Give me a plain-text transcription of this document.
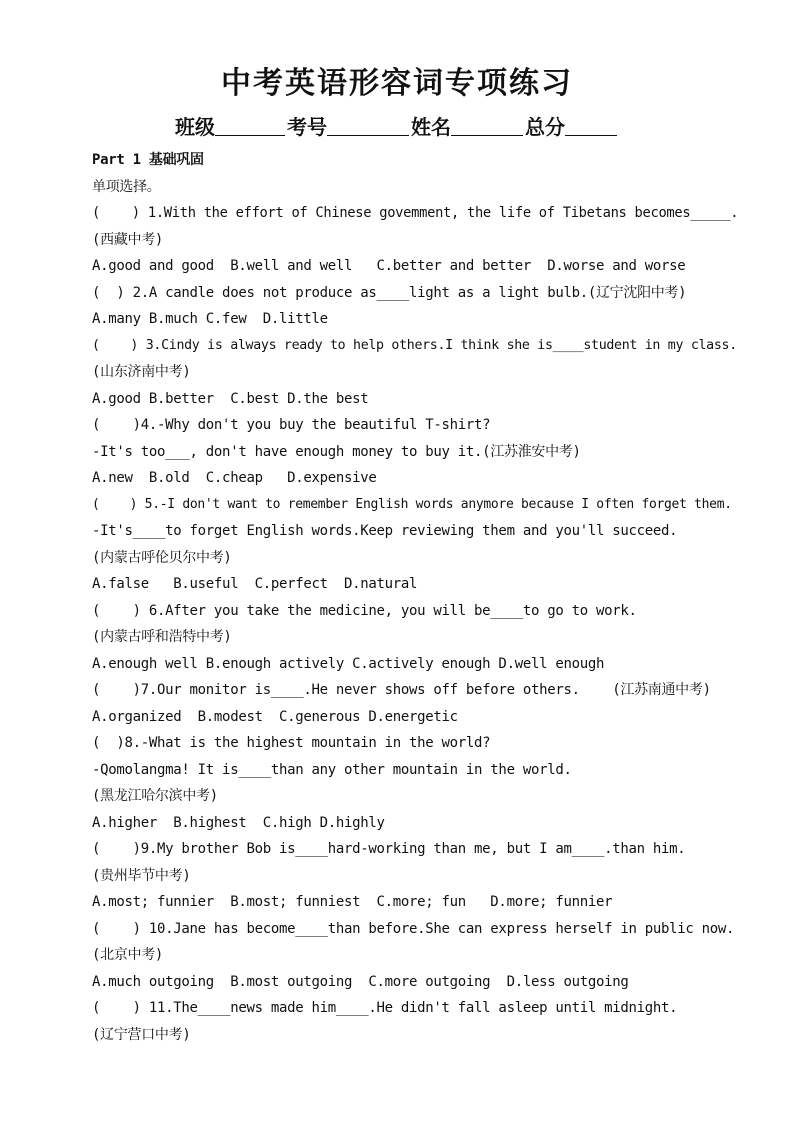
中考英语形容词专项练习
班级	考号	姓名	总分
Part 1 基础巩固
单项选择。
(    ) 1.With the effort of Chinese govemment, the life of Tibetans becomes_____.
(西藏中考)
A.good and good  B.well and well   C.better and better  D.worse and worse
(  ) 2.A candle does not produce as____light as a light bulb.(辽宁沈阳中考)
A.many B.much C.few  D.little
(    ) 3.Cindy is always ready to help others.I think she is____student in my class.
(山东济南中考)
A.good B.better  C.best D.the best
(    )4.-Why don't you buy the beautiful T-shirt?
-It's too___, don't have enough money to buy it.(江苏淮安中考)
A.new  B.old  C.cheap   D.expensive
(    ) 5.-I don't want to remember English words anymore because I often forget them.
-It's____to forget English words.Keep reviewing them and you'll succeed.
(内蒙古呼伦贝尔中考)
A.false   B.useful  C.perfect  D.natural
(    ) 6.After you take the medicine, you will be____to go to work.
(内蒙古呼和浩特中考)
A.enough well B.enough actively C.actively enough D.well enough
(    )7.Our monitor is____.He never shows off before others.    (江苏南通中考)
A.organized  B.modest  C.generous D.energetic
(  )8.-What is the highest mountain in the world?
-Qomolangma! It is____than any other mountain in the world.
(黑龙江哈尔滨中考)
A.higher  B.highest  C.high D.highly
(    )9.My brother Bob is____hard-working than me, but I am____.than him.
(贵州毕节中考)
A.most; funnier  B.most; funniest  C.more; fun   D.more; funnier
(    ) 10.Jane has become____than before.She can express herself in public now.
(北京中考)
A.much outgoing  B.most outgoing  C.more outgoing  D.less outgoing
(    ) 11.The____news made him____.He didn't fall asleep until midnight.
(辽宁营口中考)
